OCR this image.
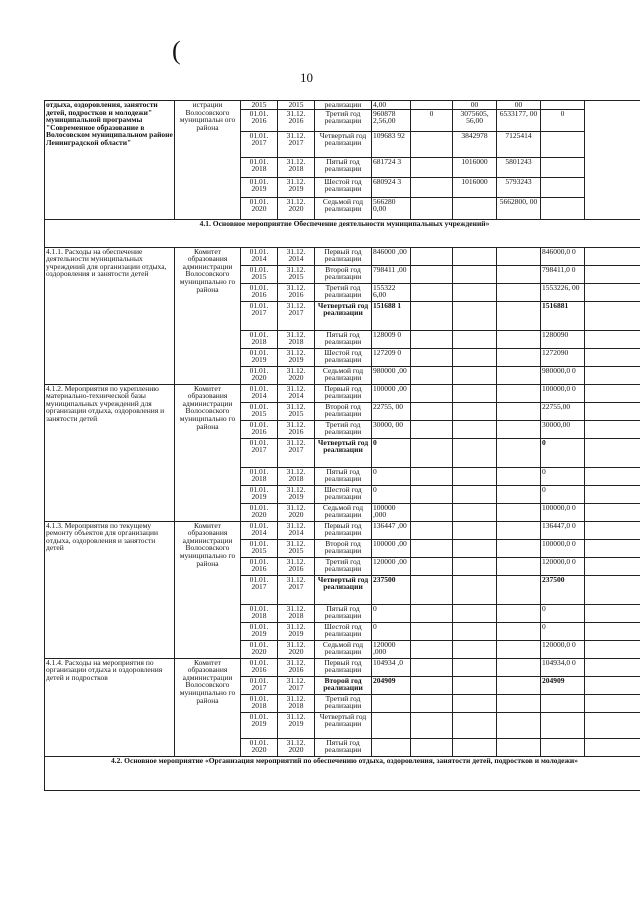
(
10
отдыха, оздоровления, занятости детей, подростков и молодежи" муниципальной программы "Современное образование в Волосовском муниципальном районе Ленинградской области"	истрации Волосовского муниципальн ого района	2015	2015	реализации	4,00		00	00		
		01.01. 2016	31.12. 2016	Третий год реализации	960878 2,56,00	0	3075605, 56,00	6533177, 00	0	
		01.01. 2017	31.12. 2017	Четвертый год реализации	109683 92		3842978	7125414		
		01.01. 2018	31.12. 2018	Пятый год реализации	681724 3		1016000	5801243		
		01.01. 2019	31.12. 2019	Шестой год реализации	680924 3		1016000	5793243		
		01.01. 2020	31.12. 2020	Седьмой год реализации	566280 0,00			5662800, 00		
4.1. Основное мероприятие Обеспечение деятельности муниципальных учреждений»										
4.1.1. Расходы на обеспечение деятельности муниципальных учреждений для организации отдыха, оздоровления и занятости детей	Комитет образования администрации Волосовского муниципально го района	01.01. 2014	31.12. 2014	Первый год реализации	846000 ,00				846000,0 0	
		01.01. 2015	31.12. 2015	Второй год реализации	798411 ,00				798411,0 0	
		01.01. 2016	31.12. 2016	Третий год реализации	155322 6,00				1553226, 00	
		01.01. 2017	31.12. 2017	Четвертый год реализации	151688 1				1516881	
		01.01. 2018	31.12. 2018	Пятый год реализации	128009 0				1280090	
		01.01. 2019	31.12. 2019	Шестой год реализации	127209 0				1272090	
		01.01. 2020	31.12. 2020	Седьмой год реализации	980000 ,00				980000,0 0	
4.1.2. Мероприятия по укреплению материально-технической базы муниципальных учреждений для организации отдыха, оздоровления и занятости детей	Комитет образования администрации Волосовского муниципально го района	01.01. 2014	31.12. 2014	Первый год реализации	100000 ,00				100000,0 0	
		01.01. 2015	31.12. 2015	Второй год реализации	22755, 00				22755,00	
		01.01. 2016	31.12. 2016	Третий год реализации	30000, 00				30000,00	
		01.01. 2017	31.12. 2017	Четвертый год реализации	0				0	
		01.01. 2018	31.12. 2018	Пятый год реализации	0				0	
		01.01. 2019	31.12. 2019	Шестой год реализации	0				0	
		01.01. 2020	31.12. 2020	Седьмой год реализации	100000 ,000				100000,0 0	
4.1.3. Мероприятия по текущему ремонту объектов для организации отдыха, оздоровления и занятости детей	Комитет образования администрации Волосовского муниципально го района	01.01. 2014	31.12. 2014	Первый год реализации	136447 ,00				136447,0 0	
		01.01. 2015	31.12. 2015	Второй год реализации	100000 ,00				100000,0 0	
		01.01. 2016	31.12. 2016	Третий год реализации	120000 ,00				120000,0 0	
		01.01. 2017	31.12. 2017	Четвертый год реализации	237500				237500	
		01.01. 2018	31.12. 2018	Пятый год реализации	0				0	
		01.01. 2019	31.12. 2019	Шестой год реализации	0				0	
		01.01. 2020	31.12. 2020	Седьмой год реализации	120000 ,000				120000,0 0	
4.1.4. Расходы на мероприятия по организации отдыха и оздоровления детей и подростков	Комитет образования администрации Волосовского муниципально го района	01.01. 2016	31.12. 2016	Первый год реализации	104934 ,0				104934,0 0	
		01.01. 2017	31.12. 2017	Второй год реализации	204909				204909	
		01.01. 2018	31.12. 2018	Третий год реализации						
		01.01. 2019	31.12. 2019	Четвертый год реализации						
		01.01. 2020	31.12. 2020	Пятый год реализации						
4.2. Основное мероприятие «Организация мероприятий по обеспечению отдыха, оздоровления, занятости детей, подростков и молодежи»										
